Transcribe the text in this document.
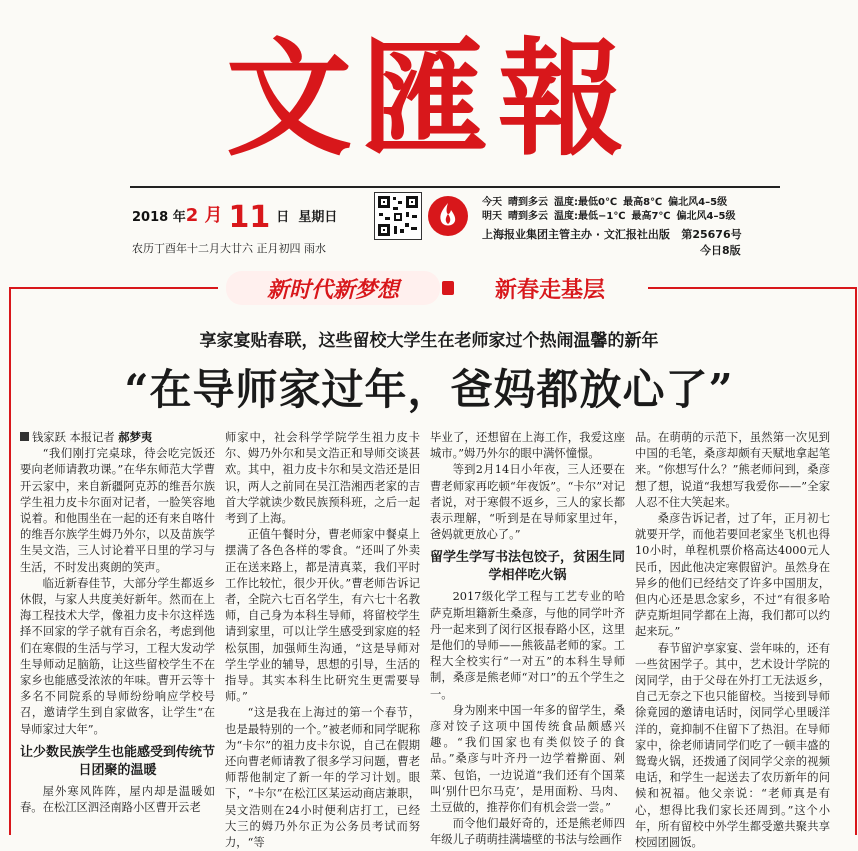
文匯報
2018 年2 月 11 日 星期日
农历丁酉年十二月大廿六 正月初四 雨水
今天 晴到多云 温度:最低0℃ 最高8℃ 偏北风4–5级
明天 晴到多云 温度:最低−1℃ 最高7℃ 偏北风4–5级
上海报业集团主管主办 · 文汇报社出版 第25676号
今日8版
新时代新梦想	新春走基层
享家宴贴春联，这些留校大学生在老师家过个热闹温馨的新年
“在导师家过年，爸妈都放心了”

钱家跃 本报记者 郝梦夷

“我们刚打完桌球，待会吃完饭还要向老师请教功课。”在华东师范大学曹开云家中，来自新疆阿克苏的维吾尔族学生祖力皮卡尔面对记者，一脸笑容地说着。和他围坐在一起的还有来自喀什的维吾尔族学生姆乃外尔，以及苗族学生吴文浩，三人讨论着平日里的学习与生活，不时发出爽朗的笑声。

临近新春佳节，大部分学生都返乡休假，与家人共度美好新年。然而在上海工程技术大学，像祖力皮卡尔这样选择不回家的学子就有百余名，考虑到他们在寒假的生活与学习，工程大发动学生导师动足脑筋，让这些留校学生不在家乡也能感受浓浓的年味。曹开云等十多名不同院系的导师纷纷响应学校号召，邀请学生到自家做客，让学生“在导师家过大年”。

让少数民族学生也能感受到传统节日团聚的温暖

屋外寒风阵阵，屋内却是温暖如春。在松江区泗泾南路小区曹开云老

师家中，社会科学学院学生祖力皮卡尔、姆乃外尔和吴文浩正和导师交谈甚欢。其中，祖力皮卡尔和吴文浩还是旧识，两人之前同在吴江浩湘西老家的吉首大学就读少数民族预科班，之后一起考到了上海。

正值午餐时分，曹老师家中餐桌上摆满了各色各样的零食。“还叫了外卖正在送来路上，都是清真菜，我们平时工作比较忙，很少开伙。”曹老师告诉记者，全院六七百名学生，有六七十名教师，自己身为本科生导师，将留校学生请到家里，可以让学生感受到家庭的轻松氛围，加强师生沟通，“这是导师对学生学业的辅导，思想的引导，生活的指导。其实本科生比研究生更需要导师。”

“这是我在上海过的第一个春节，也是最特别的一个。”被老师和同学昵称为“卡尔”的祖力皮卡尔说，自己在假期还向曹老师请教了很多学习问题，曹老师帮他制定了新一年的学习计划。眼下，“卡尔”在松江区某运动商店兼职，吴文浩则在24小时便利店打工，已经大三的姆乃外尔正为公务员考试而努力，“等

毕业了，还想留在上海工作，我爱这座城市。”姆乃外尔的眼中满怀憧憬。

等到2月14日小年夜，三人还要在曹老师家再吃顿“年夜饭”。“卡尔”对记者说，对于寒假不返乡，三人的家长都表示理解，“听到是在导师家里过年，爸妈就更放心了。”

留学生学写书法包饺子，贫困生同学相伴吃火锅

2017级化学工程与工艺专业的哈萨克斯坦籍新生桑彦，与他的同学叶齐丹一起来到了闵行区报春路小区，这里是他们的导师——熊筱晶老师的家。工程大全校实行“一对五”的本科生导师制，桑彦是熊老师“对口”的五个学生之一。

身为刚来中国一年多的留学生，桑彦对饺子这项中国传统食品颇感兴趣。“我们国家也有类似饺子的食品。”桑彦与叶齐丹一边学着擀面、剁菜、包馅，一边说道“我们还有个国菜叫‘别什巴尔马克’，是用面粉、马肉、土豆做的，推荐你们有机会尝一尝。”

而令他们最好奇的，还是熊老师四年级儿子萌萌挂满墙壁的书法与绘画作

品。在萌萌的示范下，虽然第一次见到中国的毛笔，桑彦却颇有天赋地拿起笔来。“你想写什么？”熊老师问到，桑彦想了想，说道“我想写我爱你——”全家人忍不住大笑起来。

桑彦告诉记者，过了年，正月初七就要开学，而他若要回老家坐飞机也得10小时，单程机票价格高达4000元人民币，因此他决定寒假留沪。虽然身在异乡的他们已经结交了许多中国朋友，但内心还是思念家乡，不过“有很多哈萨克斯坦同学都在上海，我们都可以约起来玩。”

春节留沪享家宴、尝年味的，还有一些贫困学子。其中，艺术设计学院的闵同学，由于父母在外打工无法返乡，自己无奈之下也只能留校。当接到导师徐竟园的邀请电话时，闵同学心里暖洋洋的，竟抑制不住留下了热泪。在导师家中，徐老师请同学们吃了一顿丰盛的鸳鸯火锅，还拨通了闵同学父亲的视频电话，和学生一起送去了农历新年的问候和祝福。他父亲说：“老师真是有心，想得比我们家长还周到。”这个小年，所有留校中外学生都受邀共聚共享校园团圆饭。
